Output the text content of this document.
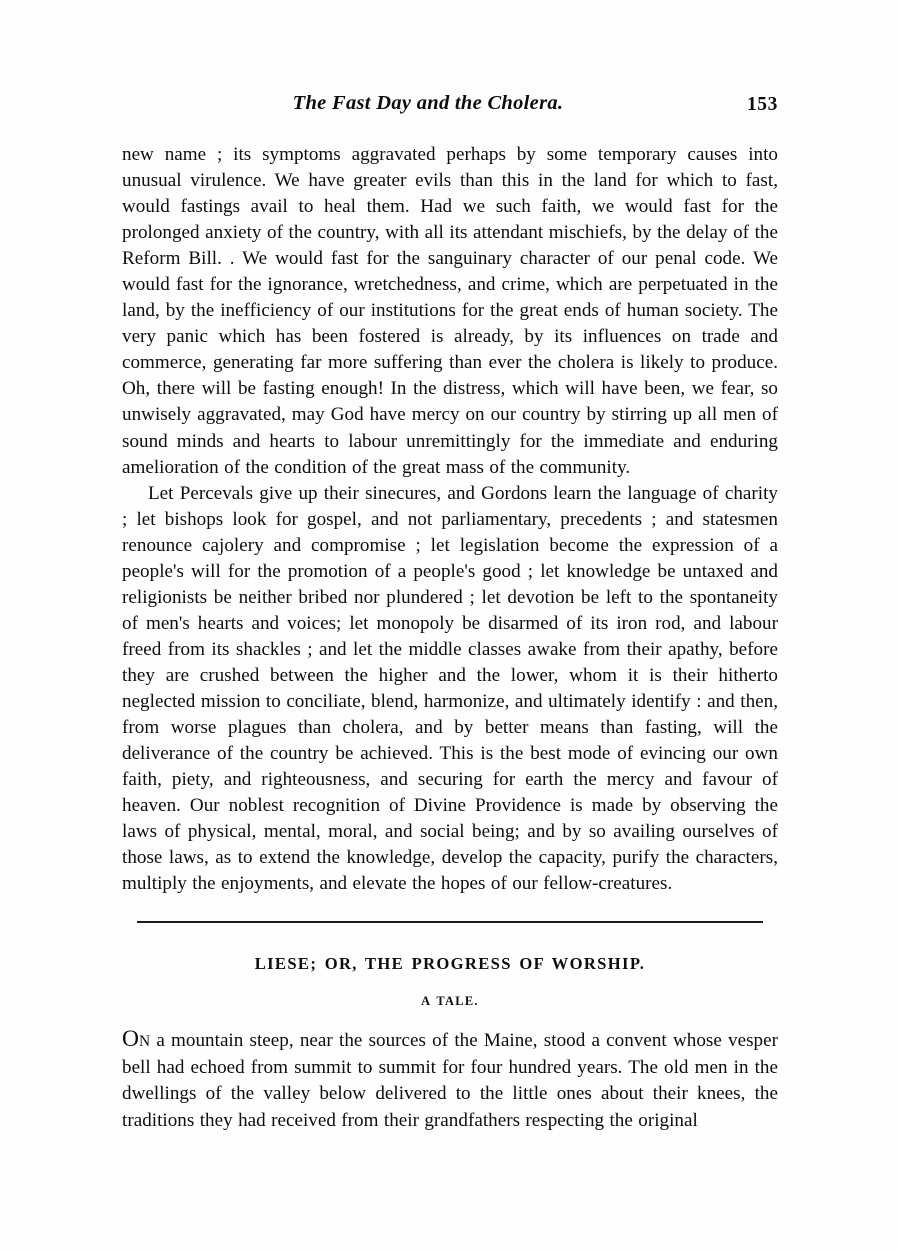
The Fast Day and the Cholera.	153

new name ; its symptoms aggravated perhaps by some temporary causes into unusual virulence. We have greater evils than this in the land for which to fast, would fastings avail to heal them. Had we such faith, we would fast for the prolonged anxiety of the country, with all its attendant mischiefs, by the delay of the Reform Bill. . We would fast for the sanguinary character of our penal code. We would fast for the ignorance, wretchedness, and crime, which are perpetuated in the land, by the inefficiency of our institutions for the great ends of human society. The very panic which has been fostered is already, by its influences on trade and commerce, generating far more suffering than ever the cholera is likely to produce. Oh, there will be fasting enough! In the distress, which will have been, we fear, so unwisely aggravated, may God have mercy on our country by stirring up all men of sound minds and hearts to labour unremittingly for the immediate and enduring amelioration of the condition of the great mass of the community.

Let Percevals give up their sinecures, and Gordons learn the language of charity ; let bishops look for gospel, and not parliamentary, precedents ; and statesmen renounce cajolery and compromise ; let legislation become the expression of a people's will for the promotion of a people's good ; let knowledge be untaxed and religionists be neither bribed nor plundered ; let devotion be left to the spontaneity of men's hearts and voices; let monopoly be disarmed of its iron rod, and labour freed from its shackles ; and let the middle classes awake from their apathy, before they are crushed between the higher and the lower, whom it is their hitherto neglected mission to conciliate, blend, harmonize, and ultimately identify : and then, from worse plagues than cholera, and by better means than fasting, will the deliverance of the country be achieved. This is the best mode of evincing our own faith, piety, and righteousness, and securing for earth the mercy and favour of heaven. Our noblest recognition of Divine Providence is made by observing the laws of physical, mental, moral, and social being; and by so availing ourselves of those laws, as to extend the knowledge, develop the capacity, purify the characters, multiply the enjoyments, and elevate the hopes of our fellow-creatures.

LIESE; OR, THE PROGRESS OF WORSHIP.
A TALE.

ON a mountain steep, near the sources of the Maine, stood a convent whose vesper bell had echoed from summit to summit for four hundred years. The old men in the dwellings of the valley below delivered to the little ones about their knees, the traditions they had received from their grandfathers respecting the original
